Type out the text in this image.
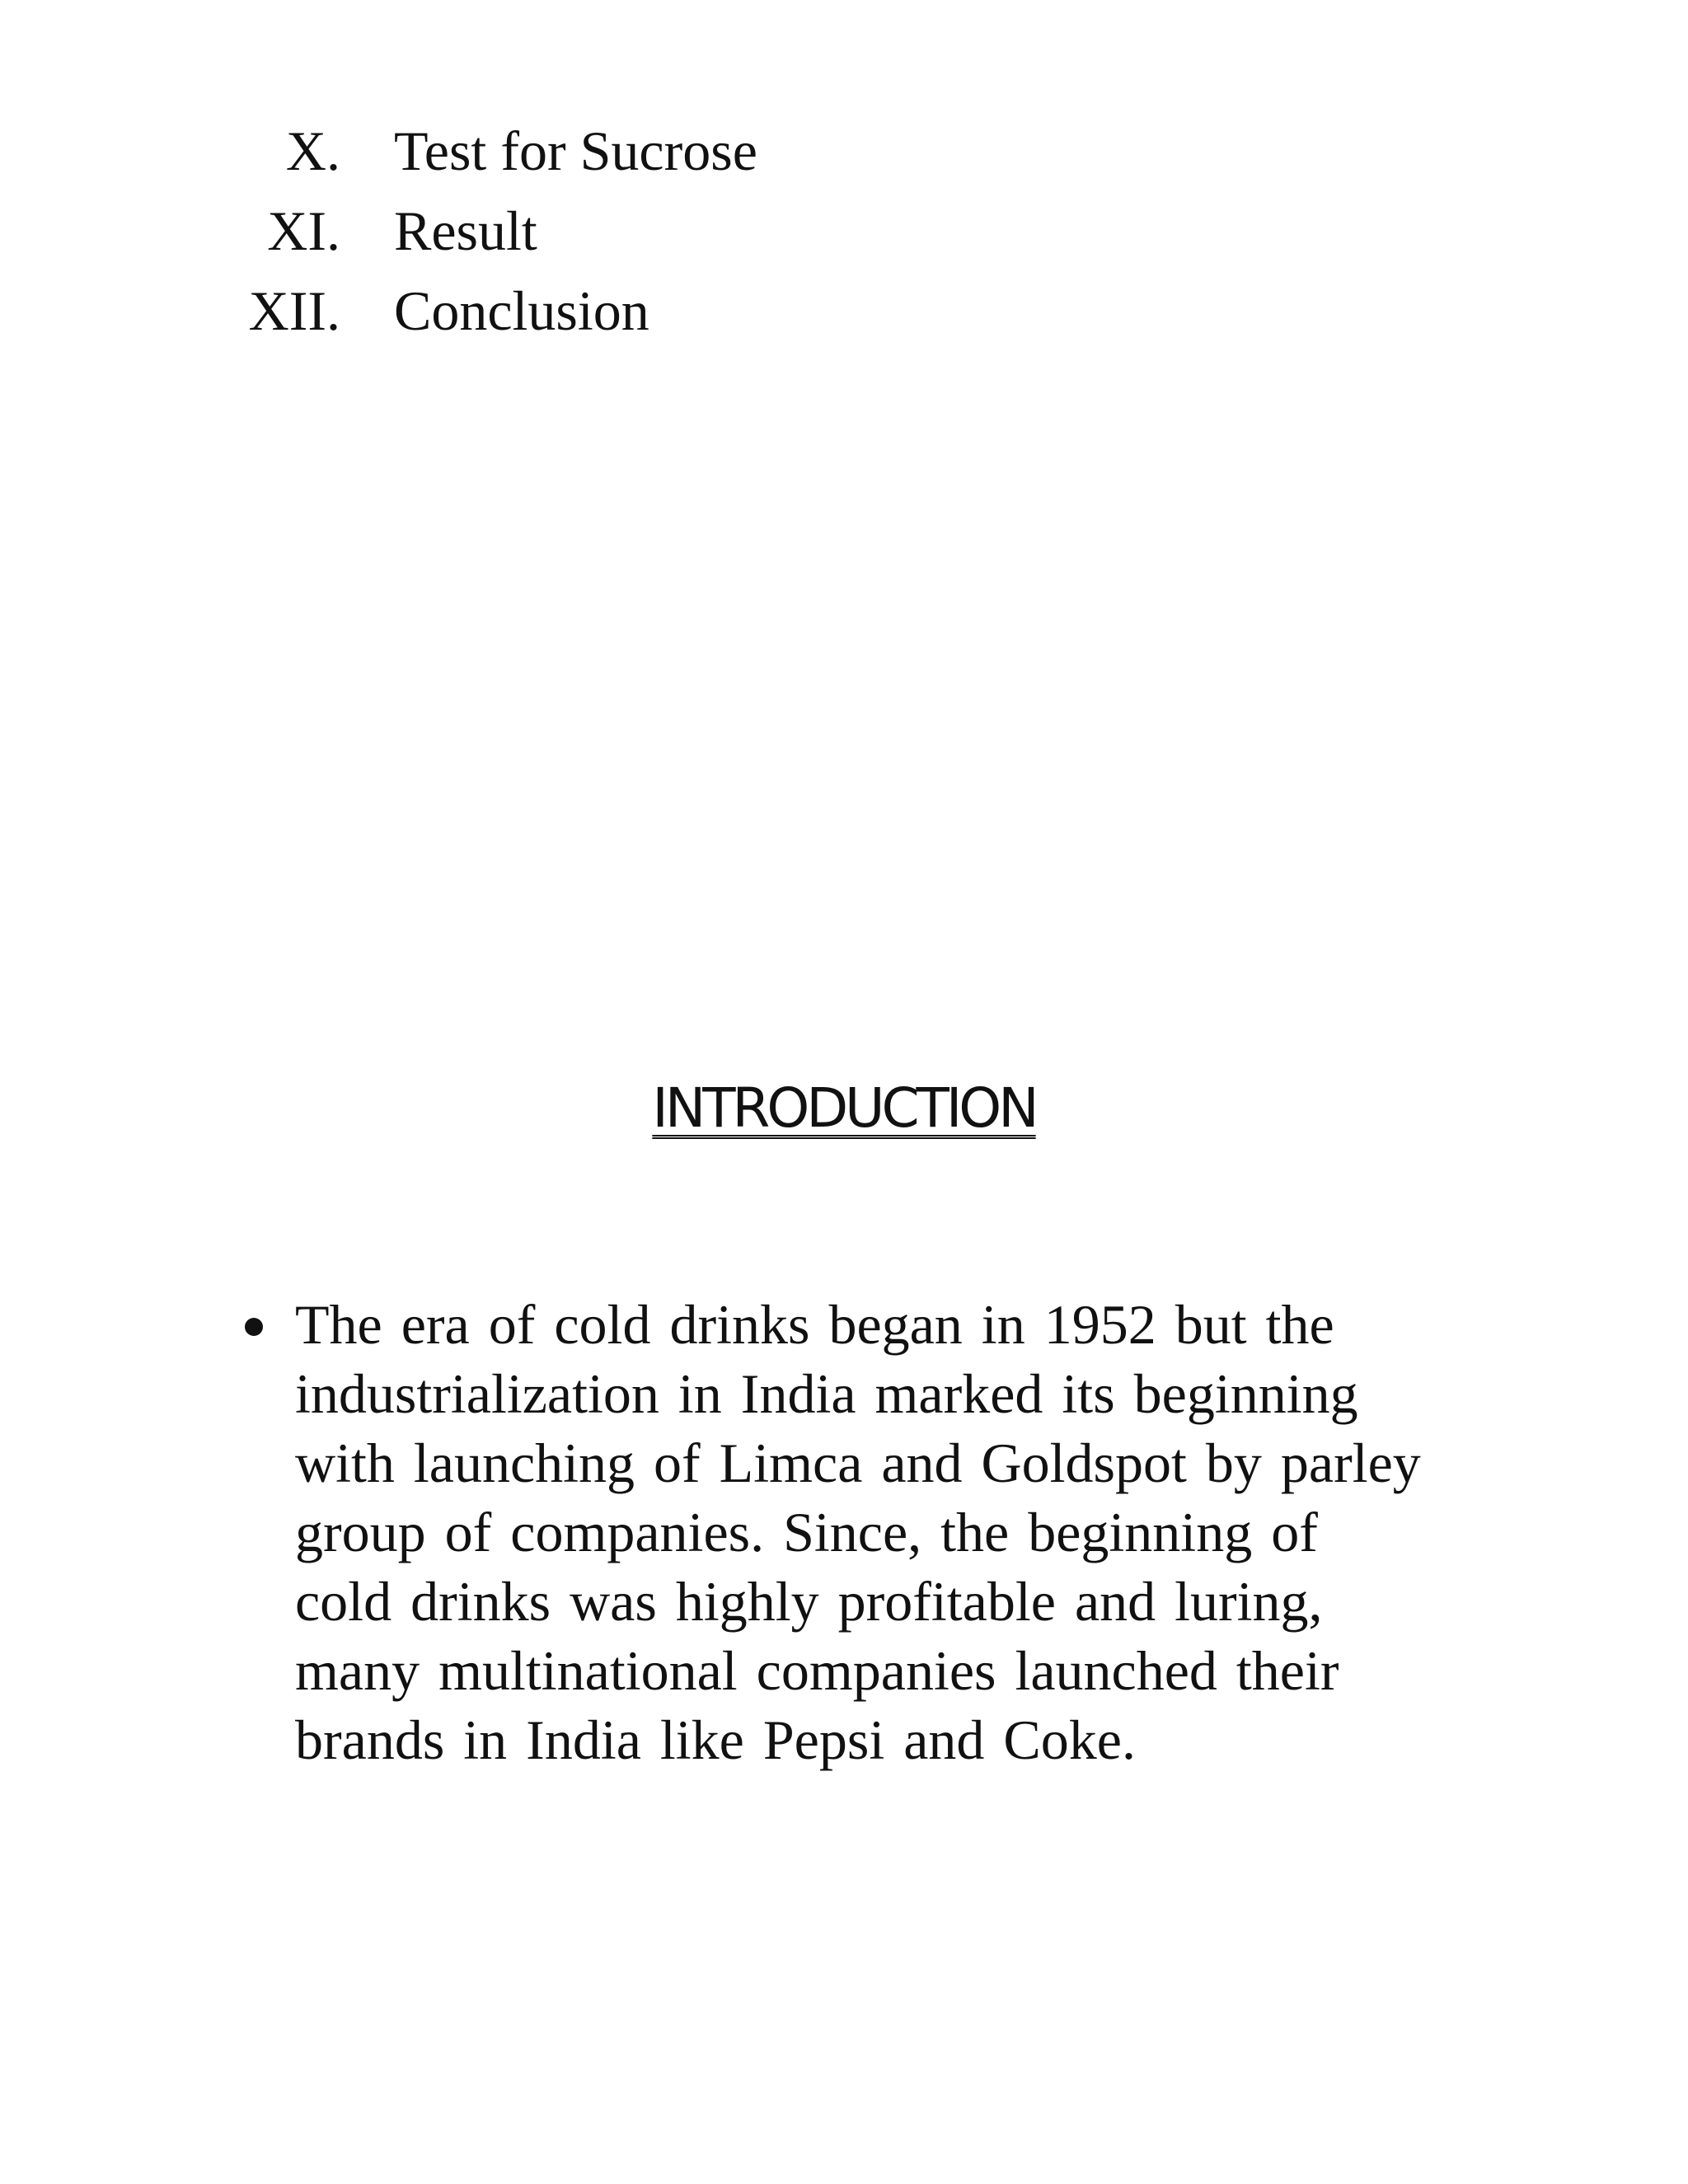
X. Test for Sucrose
XI. Result
XII. Conclusion
INTRODUCTION
The era of cold drinks began in 1952 but the
industrialization in India marked its beginning
with launching of Limca and Goldspot by parley
group of companies. Since, the beginning of
cold drinks was highly profitable and luring,
many multinational companies launched their
brands in India like Pepsi and Coke.
